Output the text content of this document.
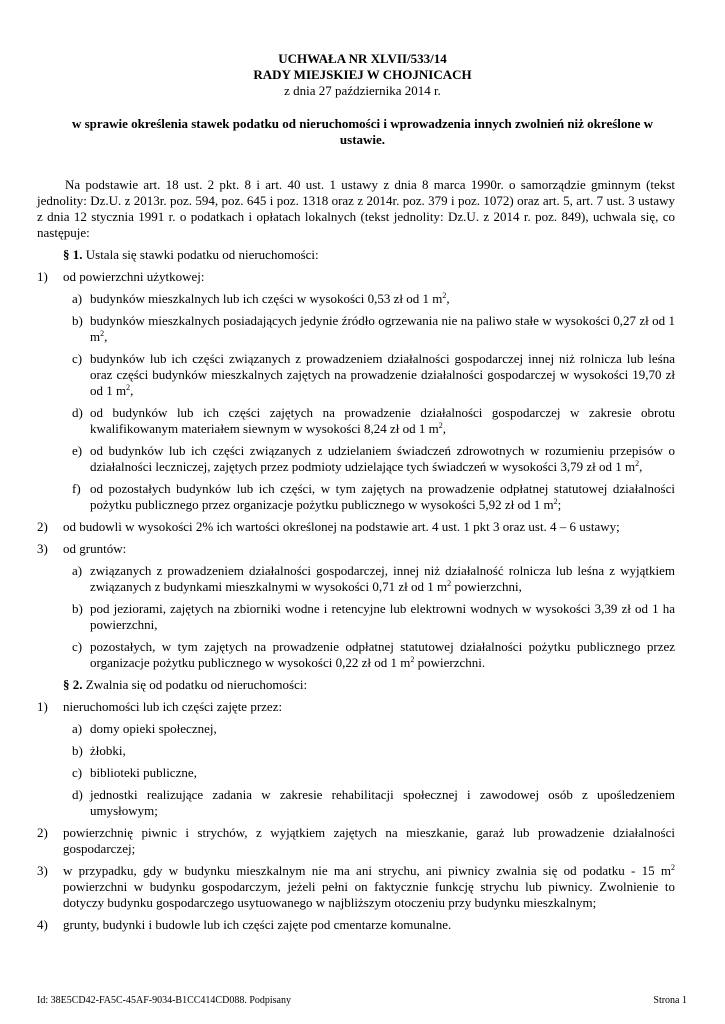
UCHWAŁA NR XLVII/533/14
RADY MIEJSKIEJ W CHOJNICACH
z dnia 27 października 2014 r.
w sprawie określenia stawek podatku od nieruchomości i wprowadzenia innych zwolnień niż określone w ustawie.

Na podstawie art. 18 ust. 2 pkt. 8 i art. 40 ust. 1 ustawy z dnia 8 marca 1990r. o samorządzie gminnym (tekst jednolity: Dz.U. z 2013r. poz. 594, poz. 645 i poz. 1318 oraz z 2014r. poz. 379 i poz. 1072) oraz art. 5, art. 7 ust. 3 ustawy z dnia 12 stycznia 1991 r. o podatkach i opłatach lokalnych (tekst jednolity: Dz.U. z 2014 r. poz. 849), uchwala się, co następuje:

§ 1. Ustala się stawki podatku od nieruchomości:

1)	od powierzchni użytkowej:
a) budynków mieszkalnych lub ich części w wysokości 0,53 zł od 1 $m^2$,
b) budynków mieszkalnych posiadających jedynie źródło ogrzewania nie na paliwo stałe w wysokości 0,27 zł od 1 $m^2$,
c) budynków lub ich części związanych z prowadzeniem działalności gospodarczej innej niż rolnicza lub leśna oraz części budynków mieszkalnych zajętych na prowadzenie działalności gospodarczej w wysokości 19,70 zł od 1 $m^2$,
d) od budynków lub ich części zajętych na prowadzenie działalności gospodarczej w zakresie obrotu kwalifikowanym materiałem siewnym w wysokości 8,24 zł od 1 $m^2$,
e) od budynków lub ich części związanych z udzielaniem świadczeń zdrowotnych w rozumieniu przepisów o działalności leczniczej, zajętych przez podmioty udzielające tych świadczeń w wysokości 3,79 zł od 1 $m^2$,
f) od pozostałych budynków lub ich części, w tym zajętych na prowadzenie odpłatnej statutowej działalności pożytku publicznego przez organizacje pożytku publicznego w wysokości 5,92 zł od 1 $m^2$;
2)	od budowli w wysokości 2% ich wartości określonej na podstawie art. 4 ust. 1 pkt 3 oraz ust. 4 – 6 ustawy;
3)	od gruntów:
a) związanych z prowadzeniem działalności gospodarczej, innej niż działalność rolnicza lub leśna z wyjątkiem związanych z budynkami mieszkalnymi w wysokości 0,71 zł od 1 $m^2$ powierzchni,
b) pod jeziorami, zajętych na zbiorniki wodne i retencyjne lub elektrowni wodnych w wysokości 3,39 zł od 1 ha powierzchni,
c) pozostałych, w tym zajętych na prowadzenie odpłatnej statutowej działalności pożytku publicznego przez organizacje pożytku publicznego w wysokości 0,22 zł od 1 $m^2$ powierzchni.

§ 2. Zwalnia się od podatku od nieruchomości:

1)	nieruchomości lub ich części zajęte przez:
a) domy opieki społecznej,
b) żłobki,
c) biblioteki publiczne,
d) jednostki realizujące zadania w zakresie rehabilitacji społecznej i zawodowej osób z upośledzeniem umysłowym;
2)	powierzchnię piwnic i strychów, z wyjątkiem zajętych na mieszkanie, garaż lub prowadzenie działalności gospodarczej;
3)	w przypadku, gdy w budynku mieszkalnym nie ma ani strychu, ani piwnicy zwalnia się od podatku - 15 $m^2$ powierzchni w budynku gospodarczym, jeżeli pełni on faktycznie funkcję strychu lub piwnicy. Zwolnienie to dotyczy budynku gospodarczego usytuowanego w najbliższym otoczeniu przy budynku mieszkalnym;
4)	grunty, budynki i budowle lub ich części zajęte pod cmentarze komunalne.
Id: 38E5CD42-FA5C-45AF-9034-B1CC414CD088. Podpisany	Strona 1
